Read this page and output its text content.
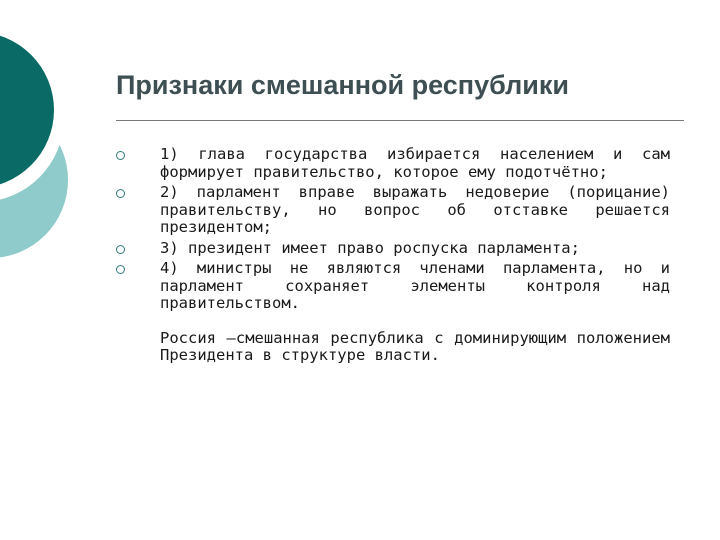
Признаки смешанной республики
1) глава государства избирается населением и сам формирует правительство, которое ему подотчётно;
2) парламент вправе выражать недоверие (порицание) правительству, но вопрос об отставке решается президентом;
3) президент имеет право роспуска парламента;
4) министры не являются членами парламента, но и парламент сохраняет элементы контроля над правительством.

Россия –смешанная республика с доминирующим положением Президента в структуре власти.
